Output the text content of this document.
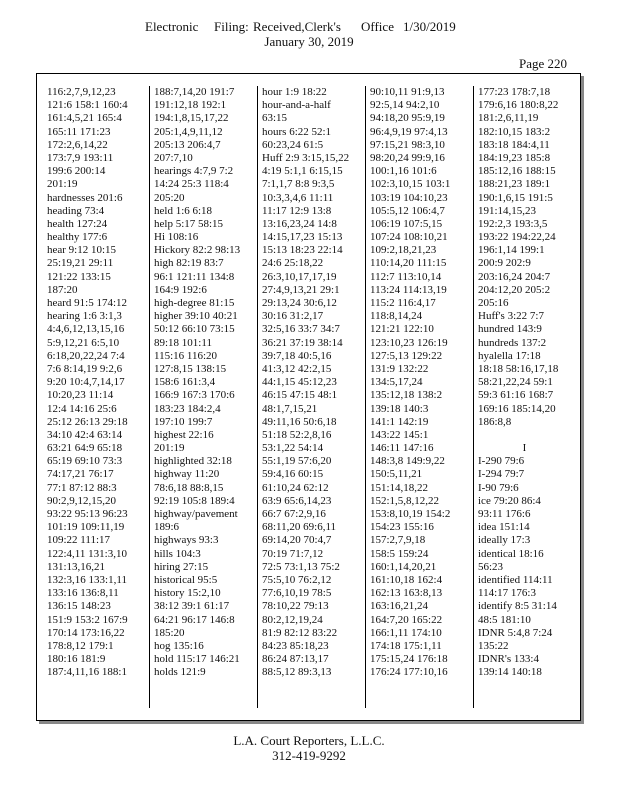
Electronic Filing: Received,Clerk's Office 1/30/2019
January 30, 2019
Page 220
116:2,7,9,12,23
121:6 158:1 160:4
161:4,5,21 165:4
165:11 171:23
172:2,6,14,22
173:7,9 193:11
199:6 200:14
201:19
hardnesses 201:6
heading 73:4
health 127:24
healthy 177:6
hear 9:12 10:15
25:19,21 29:11
121:22 133:15
187:20
heard 91:5 174:12
hearing 1:6 3:1,3
4:4,6,12,13,15,16
5:9,12,21 6:5,10
6:18,20,22,24 7:4
7:6 8:14,19 9:2,6
9:20 10:4,7,14,17
10:20,23 11:14
12:4 14:16 25:6
25:12 26:13 29:18
34:10 42:4 63:14
63:21 64:9 65:18
65:19 69:10 73:3
74:17,21 76:17
77:1 87:12 88:3
90:2,9,12,15,20
93:22 95:13 96:23
101:19 109:11,19
109:22 111:17
122:4,11 131:3,10
131:13,16,21
132:3,16 133:1,11
133:16 136:8,11
136:15 148:23
151:9 153:2 167:9
170:14 173:16,22
178:8,12 179:1
180:16 181:9
187:4,11,16 188:1
188:7,14,20 191:7
191:12,18 192:1
194:1,8,15,17,22
205:1,4,9,11,12
205:13 206:4,7
207:7,10
hearings 4:7,9 7:2
14:24 25:3 118:4
205:20
held 1:6 6:18
help 5:17 58:15
Hi 108:16
Hickory 82:2 98:13
high 82:19 83:7
96:1 121:11 134:8
164:9 192:6
high-degree 81:15
higher 39:10 40:21
50:12 66:10 73:15
89:18 101:11
115:16 116:20
127:8,15 138:15
158:6 161:3,4
166:9 167:3 170:6
183:23 184:2,4
197:10 199:7
highest 22:16
201:19
highlighted 32:18
highway 11:20
78:6,18 88:8,15
92:19 105:8 189:4
highway/pavement
189:6
highways 93:3
hills 104:3
hiring 27:15
historical 95:5
history 15:2,10
38:12 39:1 61:17
64:21 96:17 146:8
185:20
hog 135:16
hold 115:17 146:21
holds 121:9
hour 1:9 18:22
hour-and-a-half
63:15
hours 6:22 52:1
60:23,24 61:5
Huff 2:9 3:15,15,22
4:19 5:1,1 6:15,15
7:1,1,7 8:8 9:3,5
10:3,3,4,6 11:11
11:17 12:9 13:8
13:16,23,24 14:8
14:15,17,23 15:13
15:13 18:23 22:14
24:6 25:18,22
26:3,10,17,17,19
27:4,9,13,21 29:1
29:13,24 30:6,12
30:16 31:2,17
32:5,16 33:7 34:7
36:21 37:19 38:14
39:7,18 40:5,16
41:3,12 42:2,15
44:1,15 45:12,23
46:15 47:15 48:1
48:1,7,15,21
49:11,16 50:6,18
51:18 52:2,8,16
53:1,22 54:14
55:1,19 57:6,20
59:4,16 60:15
61:10,24 62:12
63:9 65:6,14,23
66:7 67:2,9,16
68:11,20 69:6,11
69:14,20 70:4,7
70:19 71:7,12
72:5 73:1,13 75:2
75:5,10 76:2,12
77:6,10,19 78:5
78:10,22 79:13
80:2,12,19,24
81:9 82:12 83:22
84:23 85:18,23
86:24 87:13,17
88:5,12 89:3,13
90:10,11 91:9,13
92:5,14 94:2,10
94:18,20 95:9,19
96:4,9,19 97:4,13
97:15,21 98:3,10
98:20,24 99:9,16
100:1,16 101:6
102:3,10,15 103:1
103:19 104:10,23
105:5,12 106:4,7
106:19 107:5,15
107:24 108:10,21
109:2,18,21,23
110:14,20 111:15
112:7 113:10,14
113:24 114:13,19
115:2 116:4,17
118:8,14,24
121:21 122:10
123:10,23 126:19
127:5,13 129:22
131:9 132:22
134:5,17,24
135:12,18 138:2
139:18 140:3
141:1 142:19
143:22 145:1
146:11 147:16
148:3,8 149:9,22
150:5,11,21
151:14,18,22
152:1,5,8,12,22
153:8,10,19 154:2
154:23 155:16
157:2,7,9,18
158:5 159:24
160:1,14,20,21
161:10,18 162:4
162:13 163:8,13
163:16,21,24
164:7,20 165:22
166:1,11 174:10
174:18 175:1,11
175:15,24 176:18
176:24 177:10,16
177:23 178:7,18
179:6,16 180:8,22
181:2,6,11,19
182:10,15 183:2
183:18 184:4,11
184:19,23 185:8
185:12,16 188:15
188:21,23 189:1
190:1,6,15 191:5
191:14,15,23
192:2,3 193:3,5
193:22 194:22,24
196:1,14 199:1
200:9 202:9
203:16,24 204:7
204:12,20 205:2
205:16
Huff's 3:22 7:7
hundred 143:9
hundreds 137:2
hyalella 17:18
18:18 58:16,17,18
58:21,22,24 59:1
59:3 61:16 168:7
169:16 185:14,20
186:8,8
I
I-290 79:6
I-294 79:7
I-90 79:6
ice 79:20 86:4
93:11 176:6
idea 151:14
ideally 17:3
identical 18:16
56:23
identified 114:11
114:17 176:3
identify 8:5 31:14
48:5 181:10
IDNR 5:4,8 7:24
135:22
IDNR's 133:4
139:14 140:18
L.A. Court Reporters, L.L.C.
312-419-9292
